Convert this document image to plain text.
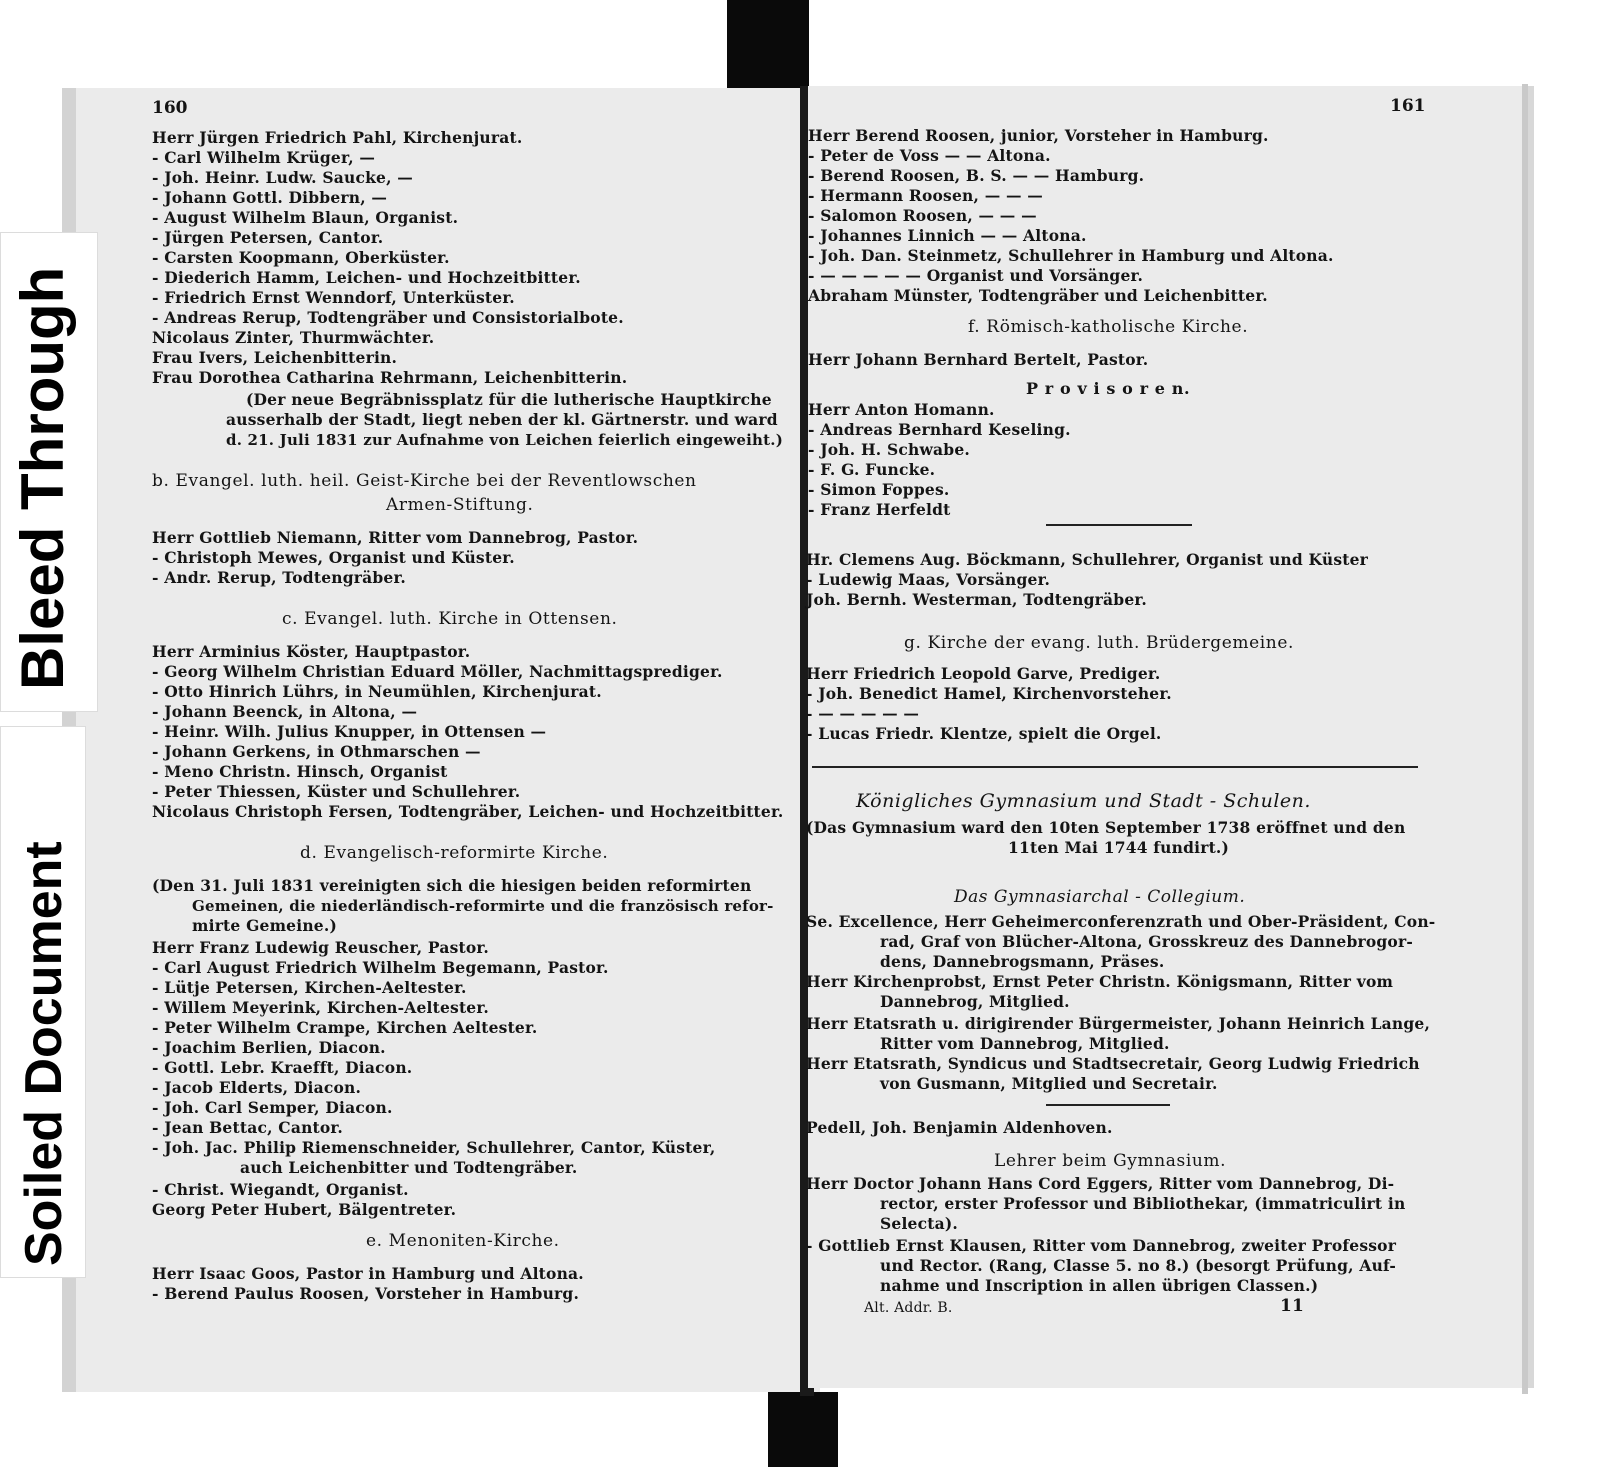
Bleed Through
Soiled Document
160
Herr Jürgen Friedrich Pahl, Kirchenjurat.
- Carl Wilhelm Krüger, —
- Joh. Heinr. Ludw. Saucke, —
- Johann Gottl. Dibbern, —
- August Wilhelm Blaun, Organist.
- Jürgen Petersen, Cantor.
- Carsten Koopmann, Oberküster.
- Diederich Hamm, Leichen- und Hochzeitbitter.
- Friedrich Ernst Wenndorf, Unterküster.
- Andreas Rerup, Todtengräber und Consistorialbote.
Nicolaus Zinter, Thurmwächter.
Frau Ivers, Leichenbitterin.
Frau Dorothea Catharina Rehrmann, Leichenbitterin.
(Der neue Begräbnissplatz für die lutherische Hauptkirche
ausserhalb der Stadt, liegt neben der kl. Gärtnerstr. und ward
d. 21. Juli 1831 zur Aufnahme von Leichen feierlich eingeweiht.)
b. Evangel. luth. heil. Geist-Kirche bei der Reventlowschen
Armen-Stiftung.
Herr Gottlieb Niemann, Ritter vom Dannebrog, Pastor.
- Christoph Mewes, Organist und Küster.
- Andr. Rerup, Todtengräber.
c. Evangel. luth. Kirche in Ottensen.
Herr Arminius Köster, Hauptpastor.
- Georg Wilhelm Christian Eduard Möller, Nachmittagsprediger.
- Otto Hinrich Lührs, in Neumühlen, Kirchenjurat.
- Johann Beenck, in Altona, —
- Heinr. Wilh. Julius Knupper, in Ottensen —
- Johann Gerkens, in Othmarschen —
- Meno Christn. Hinsch, Organist
- Peter Thiessen, Küster und Schullehrer.
Nicolaus Christoph Fersen, Todtengräber, Leichen- und Hochzeitbitter.
d. Evangelisch-reformirte Kirche.
(Den 31. Juli 1831 vereinigten sich die hiesigen beiden reformirten
Gemeinen, die niederländisch-reformirte und die französisch refor-
mirte Gemeine.)
Herr Franz Ludewig Reuscher, Pastor.
- Carl August Friedrich Wilhelm Begemann, Pastor.
- Lütje Petersen, Kirchen-Aeltester.
- Willem Meyerink, Kirchen-Aeltester.
- Peter Wilhelm Crampe, Kirchen Aeltester.
- Joachim Berlien, Diacon.
- Gottl. Lebr. Kraefft, Diacon.
- Jacob Elderts, Diacon.
- Joh. Carl Semper, Diacon.
- Jean Bettac, Cantor.
- Joh. Jac. Philip Riemenschneider, Schullehrer, Cantor, Küster,
auch Leichenbitter und Todtengräber.
- Christ. Wiegandt, Organist.
Georg Peter Hubert, Bälgentreter.
e. Menoniten-Kirche.
Herr Isaac Goos, Pastor in Hamburg und Altona.
- Berend Paulus Roosen, Vorsteher in Hamburg.
161
Herr Berend Roosen, junior, Vorsteher in Hamburg.
- Peter de Voss — — Altona.
- Berend Roosen, B. S. — — Hamburg.
- Hermann Roosen, — — —
- Salomon Roosen, — — —
- Johannes Linnich — — Altona.
- Joh. Dan. Steinmetz, Schullehrer in Hamburg und Altona.
- — — — — — Organist und Vorsänger.
Abraham Münster, Todtengräber und Leichenbitter.
f. Römisch-katholische Kirche.
Herr Johann Bernhard Bertelt, Pastor.
P r o v i s o r e n.
Herr Anton Homann.
- Andreas Bernhard Keseling.
- Joh. H. Schwabe.
- F. G. Funcke.
- Simon Foppes.
- Franz Herfeldt
Hr. Clemens Aug. Böckmann, Schullehrer, Organist und Küster
- Ludewig Maas, Vorsänger.
Joh. Bernh. Westerman, Todtengräber.
g. Kirche der evang. luth. Brüdergemeine.
Herr Friedrich Leopold Garve, Prediger.
- Joh. Benedict Hamel, Kirchenvorsteher.
- — — — — —
- Lucas Friedr. Klentze, spielt die Orgel.
Königliches Gymnasium und Stadt - Schulen.
(Das Gymnasium ward den 10ten September 1738 eröffnet und den
11ten Mai 1744 fundirt.)
Das Gymnasiarchal - Collegium.
Se. Excellence, Herr Geheimerconferenzrath und Ober-Präsident, Con-
rad, Graf von Blücher-Altona, Grosskreuz des Dannebrogor-
dens, Dannebrogsmann, Präses.
Herr Kirchenprobst, Ernst Peter Christn. Königsmann, Ritter vom
Dannebrog, Mitglied.
Herr Etatsrath u. dirigirender Bürgermeister, Johann Heinrich Lange,
Ritter vom Dannebrog, Mitglied.
Herr Etatsrath, Syndicus und Stadtsecretair, Georg Ludwig Friedrich
von Gusmann, Mitglied und Secretair.
Pedell, Joh. Benjamin Aldenhoven.
Lehrer beim Gymnasium.
Herr Doctor Johann Hans Cord Eggers, Ritter vom Dannebrog, Di-
rector, erster Professor und Bibliothekar, (immatriculirt in
Selecta).
- Gottlieb Ernst Klausen, Ritter vom Dannebrog, zweiter Professor
und Rector. (Rang, Classe 5. no 8.) (besorgt Prüfung, Auf-
nahme und Inscription in allen übrigen Classen.)
Alt. Addr. B.	11
